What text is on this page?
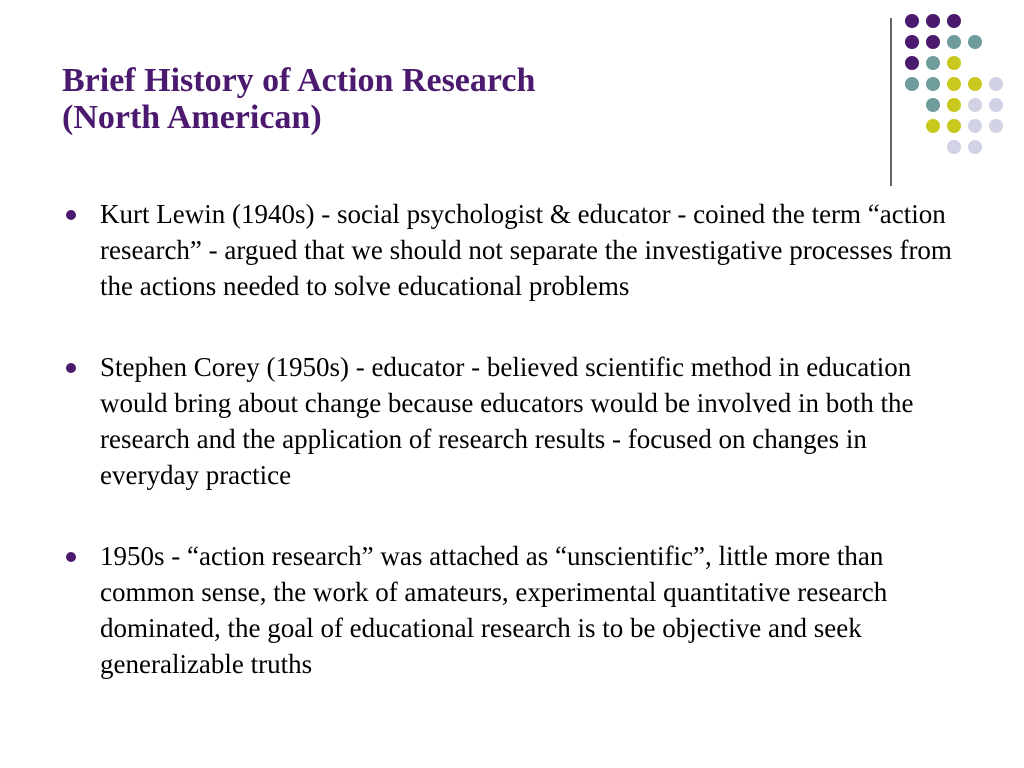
Brief History of Action Research
(North American)
Kurt Lewin (1940s) - social psychologist & educator - coined the term “action research” - argued that we should not separate the investigative processes from the actions needed to solve educational problems
Stephen Corey (1950s) - educator - believed scientific method in education would bring about change because educators would be involved in both the research and the application of research results - focused on changes in everyday practice
1950s - “action research” was attached as “unscientific”, little more than common sense, the work of amateurs, experimental quantitative research dominated, the goal of educational research is to be objective and seek generalizable truths
